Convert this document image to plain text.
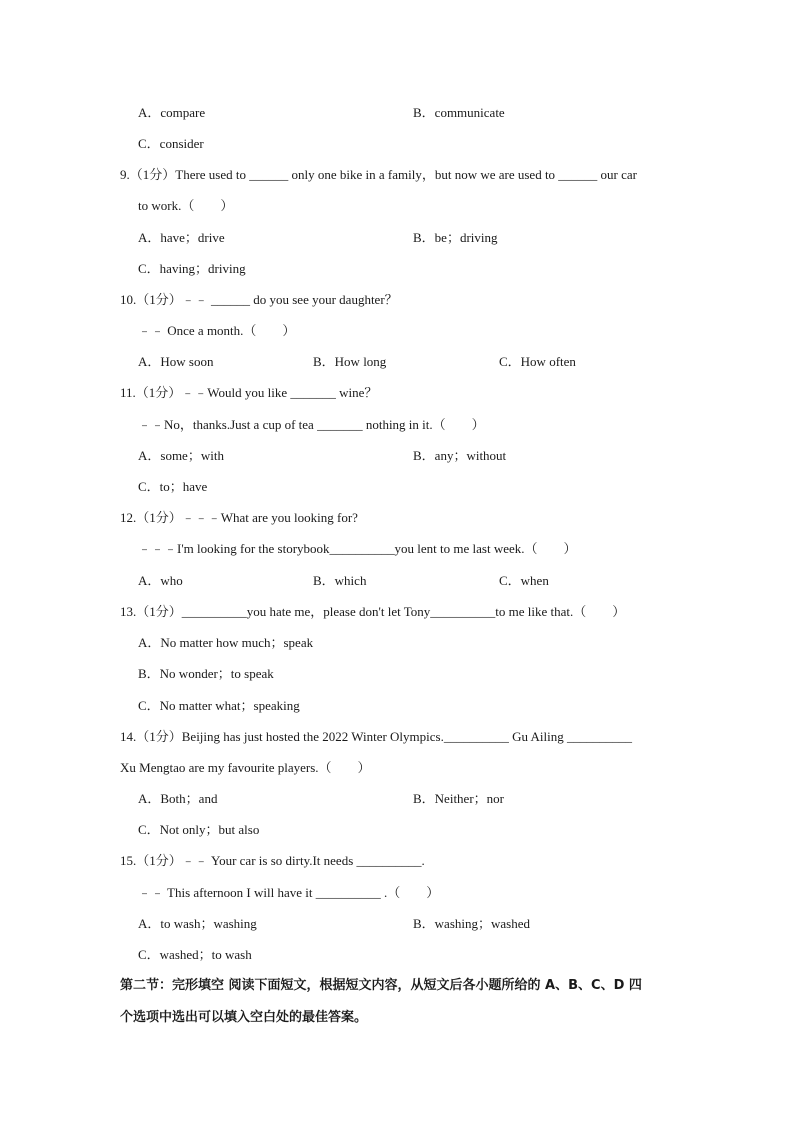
A．compare	B．communicate
C．consider
9.（1分）There used to ______ only one bike in a family，but now we are used to ______ our car
to work.（　　）
A．have；drive	B．be；driving
C．having；driving
10.（1分）﹣﹣ ______ do you see your daughter？
﹣﹣ Once a month.（　　）
A．How soon	B．How long	C．How often
11.（1分）﹣﹣Would you like _______ wine？
﹣﹣No，thanks.Just a cup of tea _______ nothing in it.（　　）
A．some；with	B．any；without
C．to；have
12.（1分）﹣﹣﹣What are you looking for?
﹣﹣﹣I'm looking for the storybook__________you lent to me last week.（　　）
A．who	B．which	C．when
13.（1分）__________you hate me，please don't let Tony__________to me like that.（　　）
A．No matter how much；speak
B．No wonder；to speak
C．No matter what；speaking
14.（1分）Beijing has just hosted the 2022 Winter Olympics.__________ Gu Ailing __________
Xu Mengtao are my favourite players.（　　）
A．Both；and	B．Neither；nor
C．Not only；but also
15.（1分）﹣﹣ Your car is so dirty.It needs __________.
﹣﹣ This afternoon I will have it __________ .（　　）
A．to wash；washing	B．washing；washed
C．washed；to wash
第二节：完形填空 阅读下面短文，根据短文内容，从短文后各小题所给的 A、B、C、D 四
个选项中选出可以填入空白处的最佳答案。
